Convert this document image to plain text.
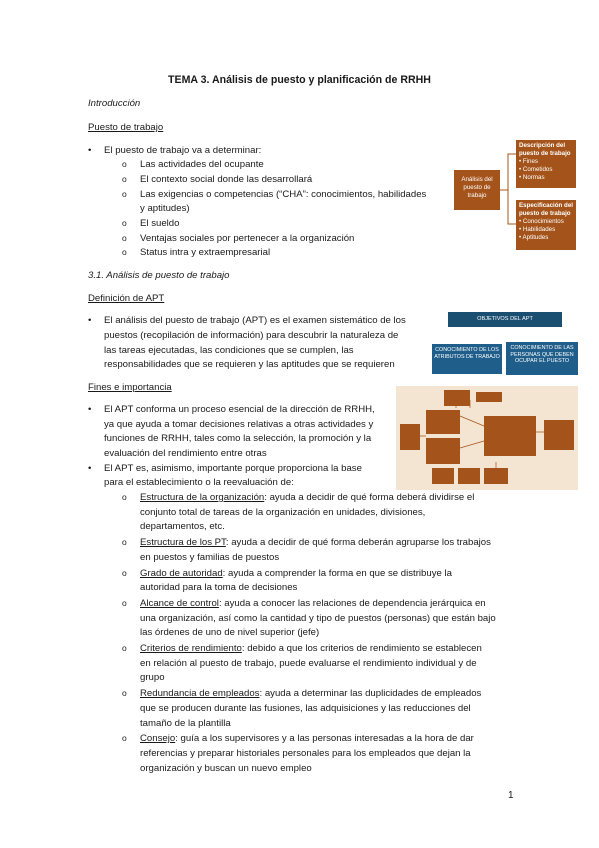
TEMA 3. Análisis de puesto y planificación de RRHH
Introducción
Puesto de trabajo
•	El puesto de trabajo va a determinar:
o	Las actividades del ocupante
o	El contexto social donde las desarrollará
o	Las exigencias o competencias (“CHA”: conocimientos, habilidades
y aptitudes)
o	El sueldo
o	Ventajas sociales por pertenecer a la organización
o	Status intra y extraempresarial
Análisis del puesto de trabajo
Descripción del puesto de trabajo
• Fines
• Cometidos
• Normas
Especificación del puesto de trabajo
• Conocimientos
• Habilidades
• Aptitudes
3.1. Análisis de puesto de trabajo
Definición de APT
•	El análisis del puesto de trabajo (APT) es el examen sistemático de los
puestos (recopilación de información) para descubrir la naturaleza de
las tareas ejecutadas, las condiciones que se cumplen, las
responsabilidades que se requieren y las aptitudes que se requieren
OBJETIVOS DEL APT
CONOCIMIENTO DE LOS ATRIBUTOS DE TRABAJO
CONOCIMIENTO DE LAS PERSONAS QUE DEBEN OCUPAR EL PUESTO
Fines e importancia
•	El APT conforma un proceso esencial de la dirección de RRHH,
ya que ayuda a tomar decisiones relativas a otras actividades y
funciones de RRHH, tales como la selección, la promoción y la
evaluación del rendimiento entre otras
•	El APT es, asimismo, importante porque proporciona la base
para el establecimiento o la reevaluación de:
o	Estructura de la organización: ayuda a decidir de qué forma deberá dividirse el
conjunto total de tareas de la organización en unidades, divisiones,
departamentos, etc.
o	Estructura de los PT: ayuda a decidir de qué forma deberán agruparse los trabajos
en puestos y familias de puestos
o	Grado de autoridad: ayuda a comprender la forma en que se distribuye la
autoridad para la toma de decisiones
o	Alcance de control: ayuda a conocer las relaciones de dependencia jerárquica en
una organización, así como la cantidad y tipo de puestos (personas) que están bajo
las órdenes de uno de nivel superior (jefe)
o	Criterios de rendimiento: debido a que los criterios de rendimiento se establecen
en relación al puesto de trabajo, puede evaluarse el rendimiento individual y de
grupo
o	Redundancia de empleados: ayuda a determinar las duplicidades de empleados
que se producen durante las fusiones, las adquisiciones y las reducciones del
tamaño de la plantilla
o	Consejo: guía a los supervisores y a las personas interesadas a la hora de dar
referencias y preparar historiales personales para los empleados que dejan la
organización y buscan un nuevo empleo
1
